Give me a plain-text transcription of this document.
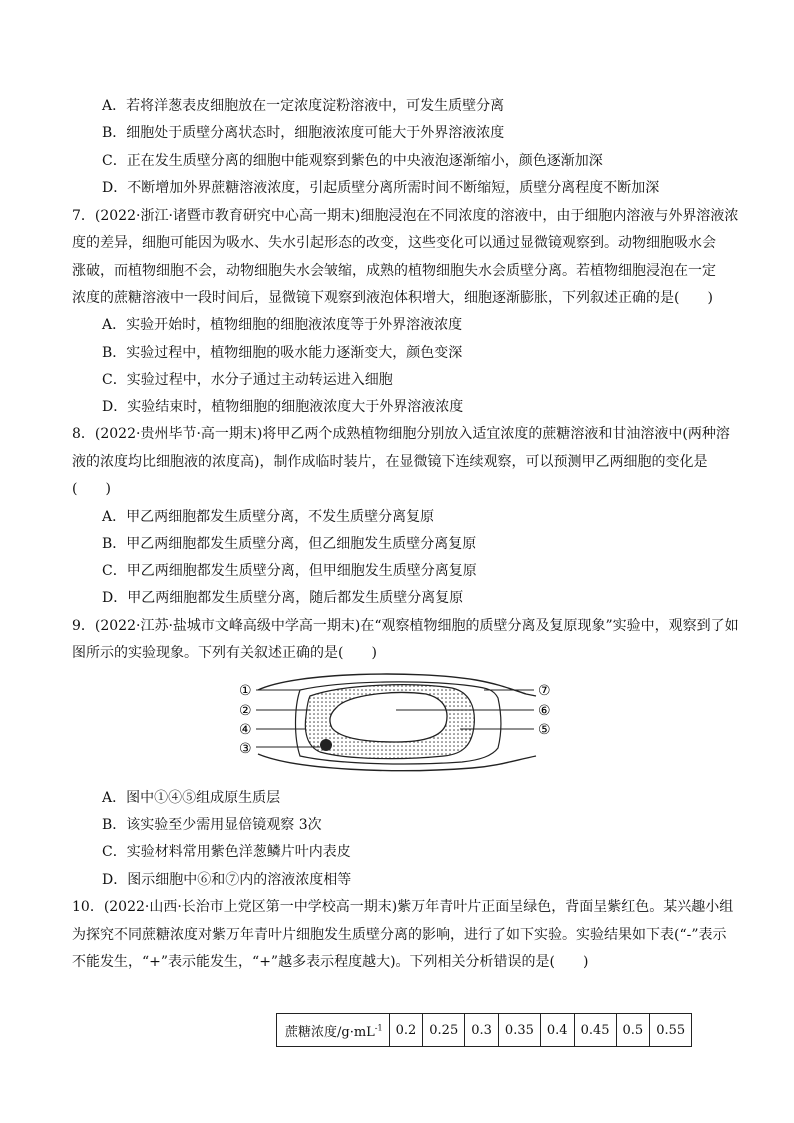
A．若将洋葱表皮细胞放在一定浓度淀粉溶液中，可发生质壁分离
B．细胞处于质壁分离状态时，细胞液浓度可能大于外界溶液浓度
C．正在发生质壁分离的细胞中能观察到紫色的中央液泡逐渐缩小，颜色逐渐加深
D．不断增加外界蔗糖溶液浓度，引起质壁分离所需时间不断缩短，质壁分离程度不断加深
7．(2022·浙江·诸暨市教育研究中心高一期末)细胞浸泡在不同浓度的溶液中，由于细胞内溶液与外界溶液浓
度的差异，细胞可能因为吸水、失水引起形态的改变，这些变化可以通过显微镜观察到。动物细胞吸水会
涨破，而植物细胞不会，动物细胞失水会皱缩，成熟的植物细胞失水会质壁分离。若植物细胞浸泡在一定
浓度的蔗糖溶液中一段时间后，显微镜下观察到液泡体积增大，细胞逐渐膨胀，下列叙述正确的是(　　)
A．实验开始时，植物细胞的细胞液浓度等于外界溶液浓度
B．实验过程中，植物细胞的吸水能力逐渐变大，颜色变深
C．实验过程中，水分子通过主动转运进入细胞
D．实验结束时，植物细胞的细胞液浓度大于外界溶液浓度
8．(2022·贵州毕节·高一期末)将甲乙两个成熟植物细胞分别放入适宜浓度的蔗糖溶液和甘油溶液中(两种溶
液的浓度均比细胞液的浓度高)，制作成临时装片，在显微镜下连续观察，可以预测甲乙两细胞的变化是
(　　)
A．甲乙两细胞都发生质壁分离，不发生质壁分离复原
B．甲乙两细胞都发生质壁分离，但乙细胞发生质壁分离复原
C．甲乙两细胞都发生质壁分离，但甲细胞发生质壁分离复原
D．甲乙两细胞都发生质壁分离，随后都发生质壁分离复原
9．(2022·江苏·盐城市文峰高级中学高一期末)在“观察植物细胞的质壁分离及复原现象”实验中，观察到了如
图所示的实验现象。下列有关叙述正确的是(　　)
①
②
④
③
⑦
⑥
⑤
A．图中①④⑤组成原生质层
B．该实验至少需用显倍镜观察 3次
C．实验材料常用紫色洋葱鳞片叶内表皮
D．图示细胞中⑥和⑦内的溶液浓度相等
10．(2022·山西·长治市上党区第一中学校高一期末)紫万年青叶片正面呈绿色，背面呈紫红色。某兴趣小组
为探究不同蔗糖浓度对紫万年青叶片细胞发生质壁分离的影响，进行了如下实验。实验结果如下表(“-”表示
不能发生，“+”表示能发生，“+”越多表示程度越大)。下列相关分析错误的是(　　)
蔗糖浓度$/g\cdot mL^{-1}$	0.2	0.25	0.3	0.35	0.4	0.45	0.5	0.55
